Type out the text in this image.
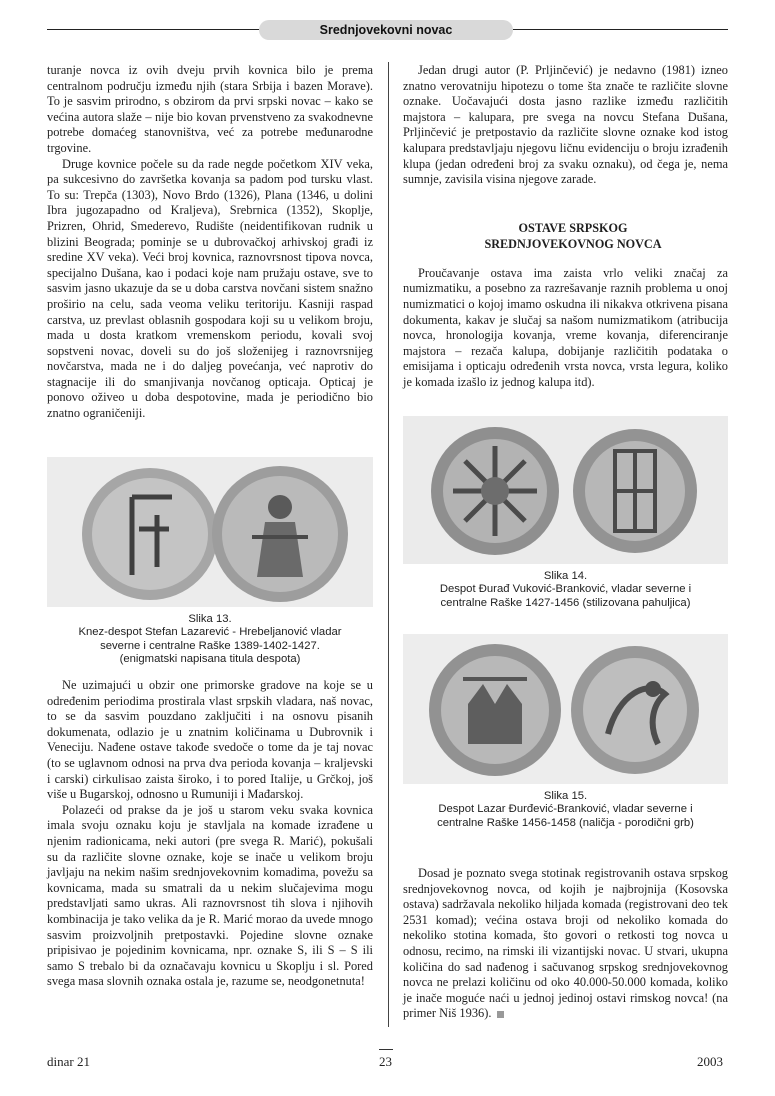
Srednjovekovni novac

turanje novca iz ovih dveju prvih kovnica bilo je prema centralnom području između njih (stara Srbija i bazen Morave). To je sasvim prirodno, s obzirom da prvi srpski novac – kako se većina autora slaže – nije bio kovan prvenstveno za svakodnevne potrebe domaćeg stanovništva, već za potrebe međunarodne trgovine.

Druge kovnice počele su da rade negde početkom XIV veka, pa sukcesivno do završetka kovanja sa padom pod tursku vlast. To su: Trepča (1303), Novo Brdo (1326), Plana (1346, u dolini Ibra jugozapadno od Kraljeva), Srebrnica (1352), Skoplje, Prizren, Ohrid, Smederevo, Rudište (neidentifikovan rudnik u blizini Beograda; pominje se u dubrovačkoj arhivskoj građi iz sredine XV veka). Veći broj kovnica, raznovrsnost tipova novca, specijalno Dušana, kao i podaci koje nam pružaju ostave, sve to sasvim jasno ukazuje da se u doba carstva novčani sistem snažno proširio na celu, sada veoma veliku teritoriju. Kasniji raspad carstva, uz prevlast oblasnih gospodara koji su u velikom broju, mada u dosta kratkom vremenskom periodu, kovali svoj sopstveni novac, doveli su do još složenijeg i raznovrsnijeg novčarstva, mada ne i do daljeg povećanja, već naprotiv do stagnacije ili do smanjivanja novčanog opticaja. Opticaj je ponovo oživeo u doba despotovine, mada je periodično bio znatno ograničeniji.

Slika 13.
Knez-despot Stefan Lazarević - Hrebeljanović vladar
severne i centralne Raške 1389-1402-1427.
(enigmatski napisana titula despota)

Ne uzimajući u obzir one primorske gradove na koje se u određenim periodima prostirala vlast srpskih vladara, naš novac, to se da sasvim pouzdano zaključiti i na osnovu pisanih dokumenata, odlazio je u znatnim količinama u Dubrovnik i Veneciju. Nađene ostave takođe svedoče o tome da je taj novac (to se uglavnom odnosi na prva dva perioda kovanja – kraljevski i carski) cirkulisao zaista široko, i to pored Italije, u Grčkoj, još više u Bugarskoj, odnosno u Rumuniji i Mađarskoj.

Polazeći od prakse da je još u starom veku svaka kovnica imala svoju oznaku koju je stavljala na komade izrađene u njenim radionicama, neki autori (pre svega R. Marić), pokušali su da različite slovne oznake, koje se inače u velikom broju javljaju na nekim našim srednjovekovnim komadima, povežu sa kovnicama, mada su smatrali da u nekim slučajevima mogu predstavljati samo ukras. Ali raznovrsnost tih slova i njihovih kombinacija je tako velika da je R. Marić morao da uvede mnogo sasvim proizvoljnih pretpostavki. Pojedine slovne oznake pripisivao je pojedinim kovnicama, npr. oznake S, ili S – S ili samo S trebalo bi da označavaju kovnicu u Skoplju i sl. Pored svega masa slovnih oznaka ostala je, razume se, neodgonetnuta!

Jedan drugi autor (P. Prljinčević) je nedavno (1981) izneo znatno verovatniju hipotezu o tome šta znače te različite slovne oznake. Uočavajući dosta jasno razlike između različitih majstora – kalupara, pre svega na novcu Stefana Dušana, Prljinčević je pretpostavio da različite slovne oznake kod istog kalupara predstavljaju njegovu ličnu evidenciju o broju izrađenih klupa (jedan određeni broj za svaku oznaku), od čega je, nema sumnje, zavisila visina njegove zarade.

OSTAVE SRPSKOG

SREDNJOVEKOVNOG NOVCA

Proučavanje ostava ima zaista vrlo veliki značaj za numizmatiku, a posebno za razrešavanje raznih problema u onoj numizmatici o kojoj imamo oskudna ili nikakva otkrivena pisana dokumenta, kakav je slučaj sa našom numizmatikom (atribucija novca, hronologija kovanja, vreme kovanja, diferenciranje majstora – rezača kalupa, dobijanje različitih podataka o emisijama i opticaju određenih vrsta novca, vrsta legura, koliko je komada izašlo iz jednog kalupa itd).

Slika 14.
Despot Đurađ Vuković-Branković, vladar severne i
centralne Raške 1427-1456 (stilizovana pahuljica)
Slika 15.
Despot Lazar Đurđević-Branković, vladar severne i
centralne Raške 1456-1458 (naličja - porodični grb)

Dosad je poznato svega stotinak registrovanih ostava srpskog srednjovekovnog novca, od kojih je najbrojnija (Kosovska ostava) sadržavala nekoliko hiljada komada (registrovani deo tek 2531 komad); većina ostava broji od nekoliko komada do nekoliko stotina komada, što govori o retkosti tog novca u odnosu, recimo, na rimski ili vizantijski novac. U stvari, ukupna količina do sad nađenog i sačuvanog srpskog srednjovekovnog novca ne prelazi količinu od oko 40.000-50.000 komada, koliko je inače moguće naći u jednoj jedinoj ostavi rimskog novca! (na primer Niš 1936).

dinar 21	23	2003
